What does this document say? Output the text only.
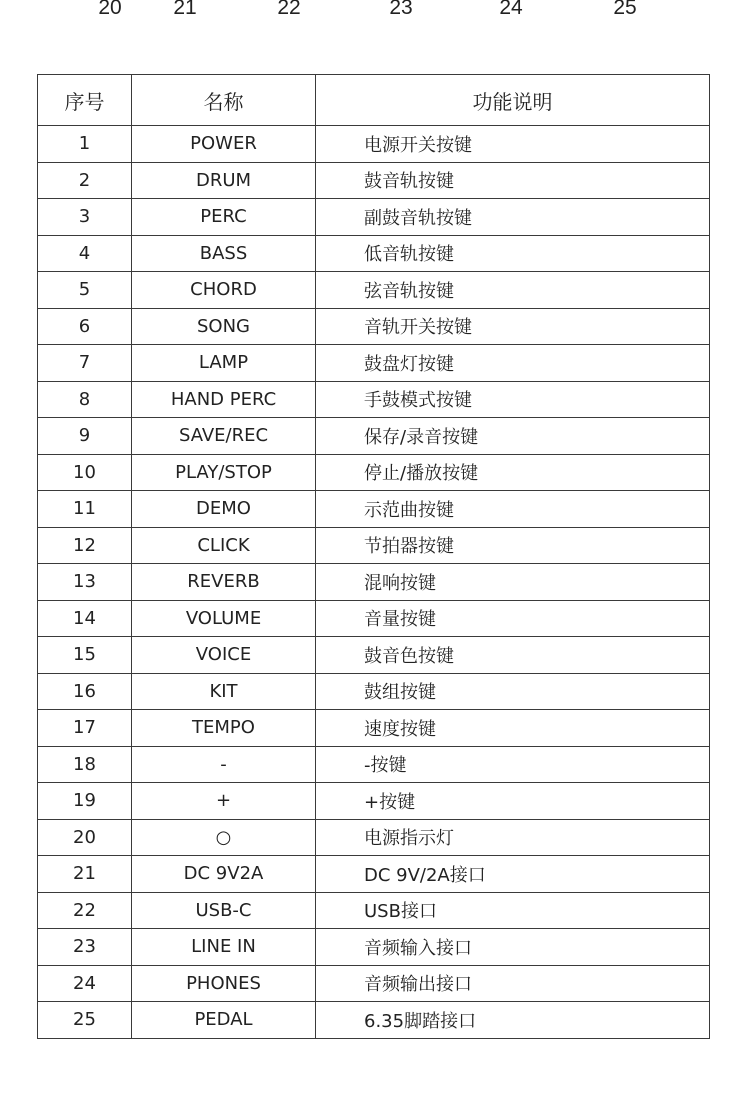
20 21	22	23	24	25
序号	名称	功能说明
1	POWER	电源开关按键
2	DRUM	鼓音轨按键
3	PERC	副鼓音轨按键
4	BASS	低音轨按键
5	CHORD	弦音轨按键
6	SONG	音轨开关按键
7	LAMP	鼓盘灯按键
8	HAND PERC	手鼓模式按键
9	SAVE/REC	保存/录音按键
10	PLAY/STOP	停止/播放按键
11	DEMO	示范曲按键
12	CLICK	节拍器按键
13	REVERB	混响按键
14	VOLUME	音量按键
15	VOICE	鼓音色按键
16	KIT	鼓组按键
17	TEMPO	速度按键
18	-	-按键
19	+	+按键
20	○	电源指示灯
21	DC 9V2A	DC 9V/2A接口
22	USB-C	USB接口
23	LINE IN	音频输入接口
24	PHONES	音频输出接口
25	PEDAL	6.35脚踏接口
